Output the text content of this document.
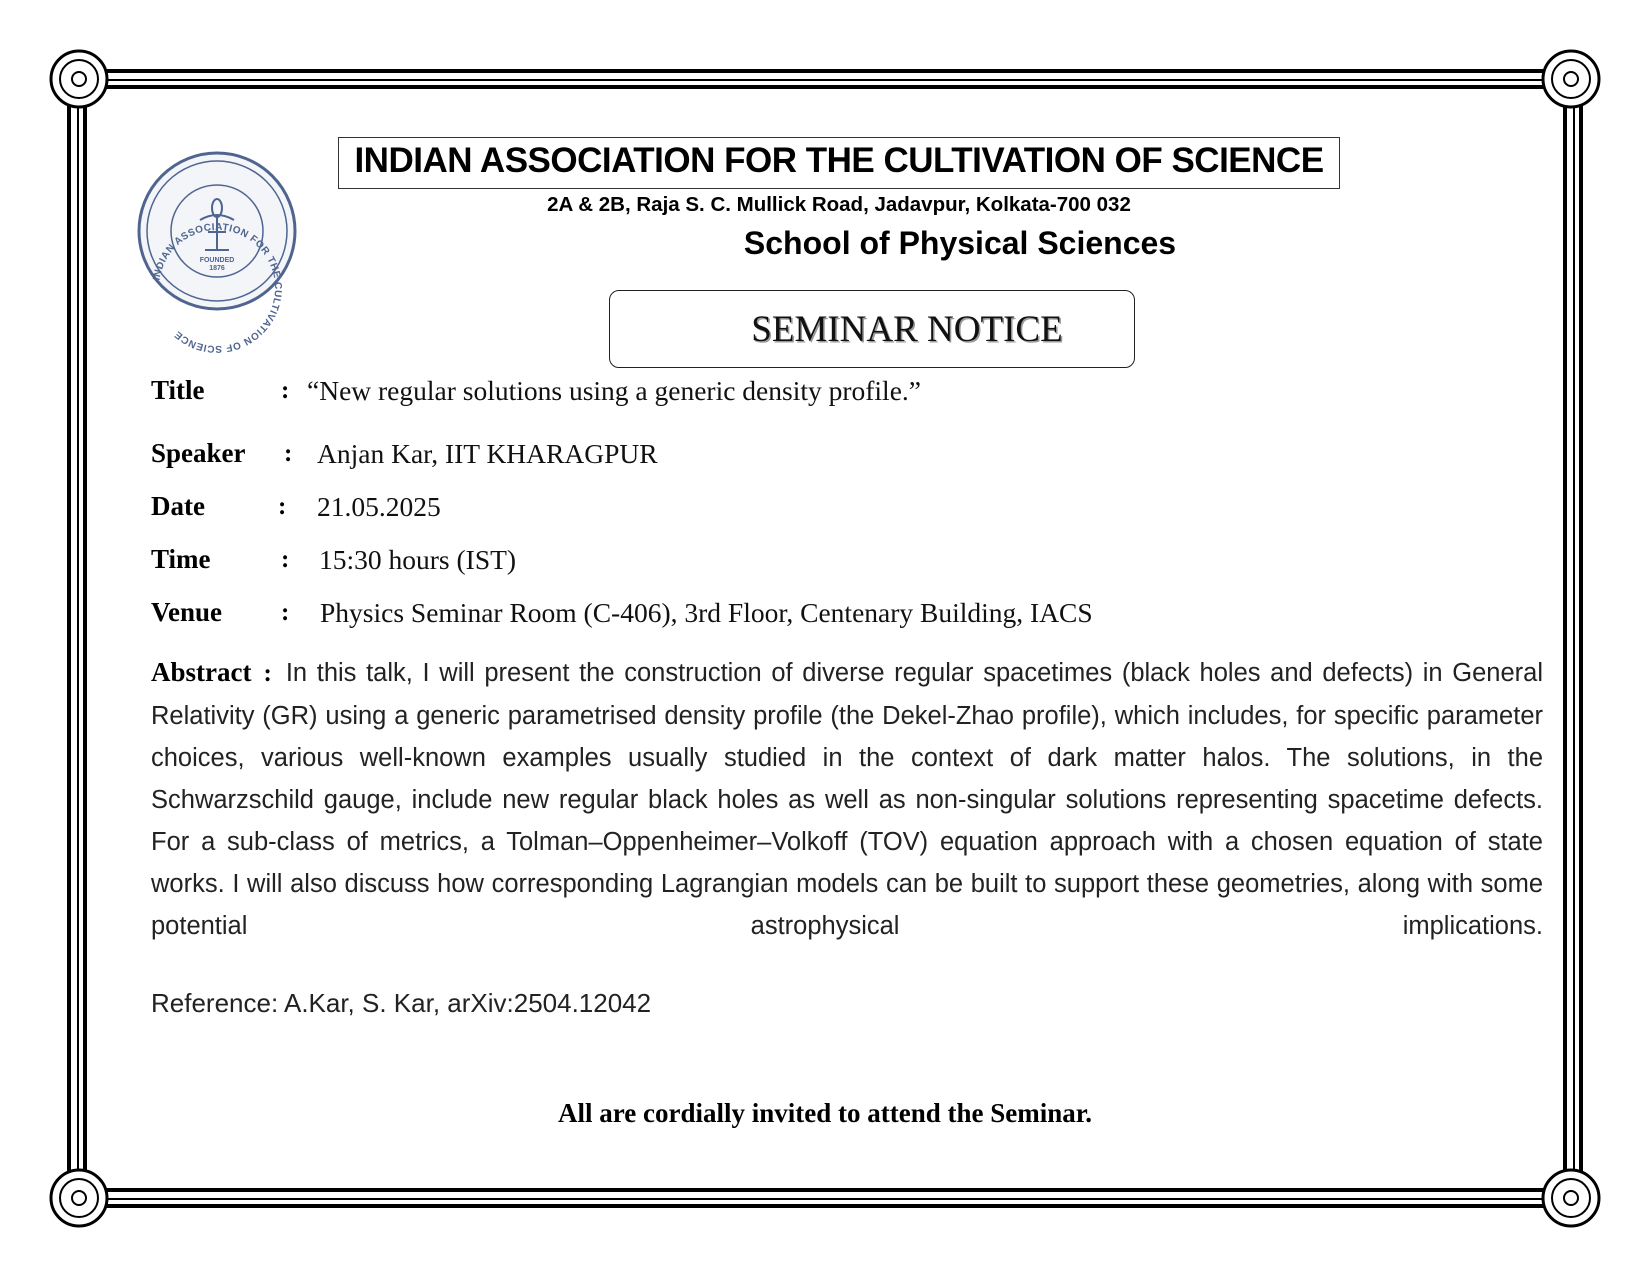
FOUNDED
1876
INDIAN ASSOCIATION FOR THE CULTIVATION OF SCIENCE
INDIAN ASSOCIATION FOR THE CULTIVATION OF SCIENCE
2A & 2B, Raja S. C. Mullick Road, Jadavpur, Kolkata-700 032
School of Physical Sciences
SEMINAR NOTICE
Title	: “New regular solutions using a generic density profile.”
Speaker : Anjan Kar, IIT KHARAGPUR
Date	: 21.05.2025
Time	: 15:30 hours (IST)
Venue : Physics Seminar Room (C-406), 3rd Floor, Centenary Building, IACS
Abstract : In this talk, I will present the construction of diverse regular spacetimes (black holes and defects) in General Relativity (GR) using a generic parametrised density profile (the Dekel-Zhao profile), which includes, for specific parameter choices, various well-known examples usually studied in the context of dark matter halos. The solutions, in the Schwarzschild gauge, include new regular black holes as well as non-singular solutions representing spacetime defects. For a sub-class of metrics, a Tolman–Oppenheimer–Volkoff (TOV) equation approach with a chosen equation of state works. I will also discuss how corresponding Lagrangian models can be built to support these geometries, along with some potential astrophysical implications.
Reference: A.Kar, S. Kar, arXiv:2504.12042
All are cordially invited to attend the Seminar.
